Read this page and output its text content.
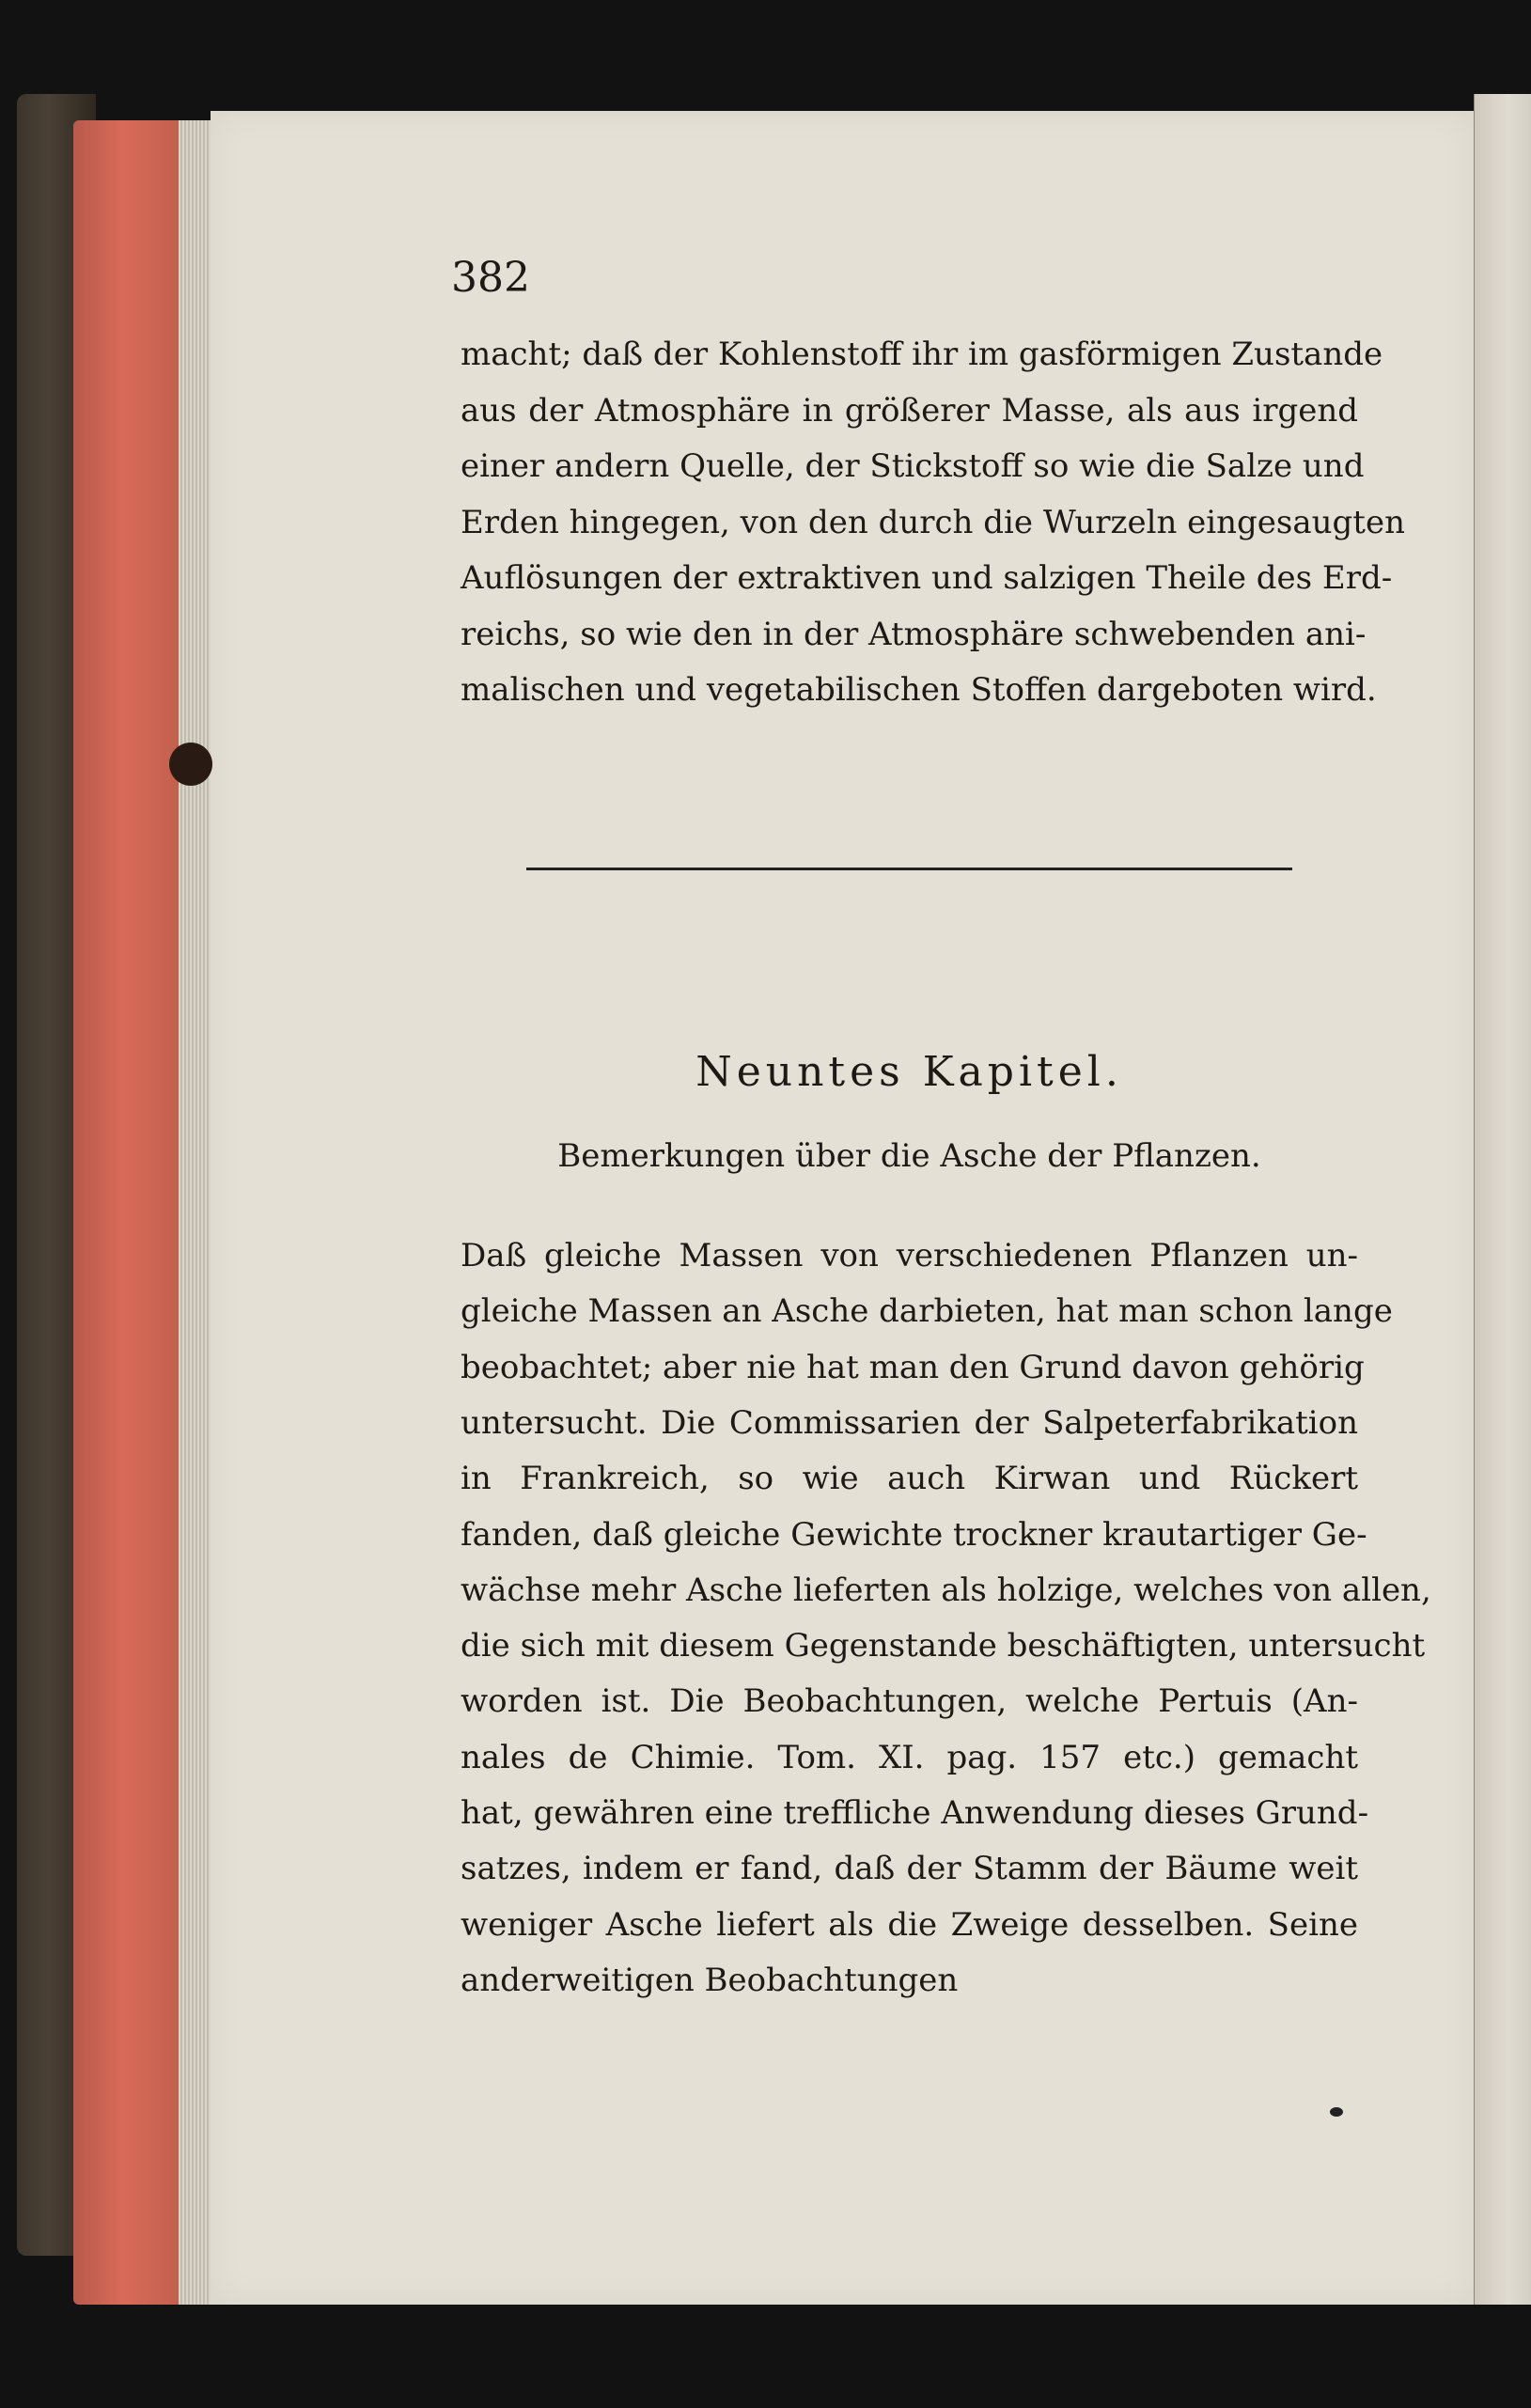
382
macht; daß der Kohlenstoff ihr im gasförmigen Zustande
aus der Atmosphäre in größerer Masse, als aus irgend
einer andern Quelle, der Stickstoff so wie die Salze und
Erden hingegen, von den durch die Wurzeln eingesaugten
Auflösungen der extraktiven und salzigen Theile des Erd-
reichs, so wie den in der Atmosphäre schwebenden ani-
malischen und vegetabilischen Stoffen dargeboten wird.
Neuntes Kapitel.
Bemerkungen über die Asche der Pflanzen.
Daß gleiche Massen von verschiedenen Pflanzen un-
gleiche Massen an Asche darbieten, hat man schon lange
beobachtet; aber nie hat man den Grund davon gehörig
untersucht. Die Commissarien der Salpeterfabrikation
in Frankreich, so wie auch Kirwan und Rückert
fanden, daß gleiche Gewichte trockner krautartiger Ge-
wächse mehr Asche lieferten als holzige, welches von allen,
die sich mit diesem Gegenstande beschäftigten, untersucht
worden ist. Die Beobachtungen, welche Pertuis (An-
nales de Chimie. Tom. XI. pag. 157 etc.) gemacht
hat, gewähren eine treffliche Anwendung dieses Grund-
satzes, indem er fand, daß der Stamm der Bäume weit
weniger Asche liefert als die Zweige desselben. Seine
anderweitigen Beobachtungen
